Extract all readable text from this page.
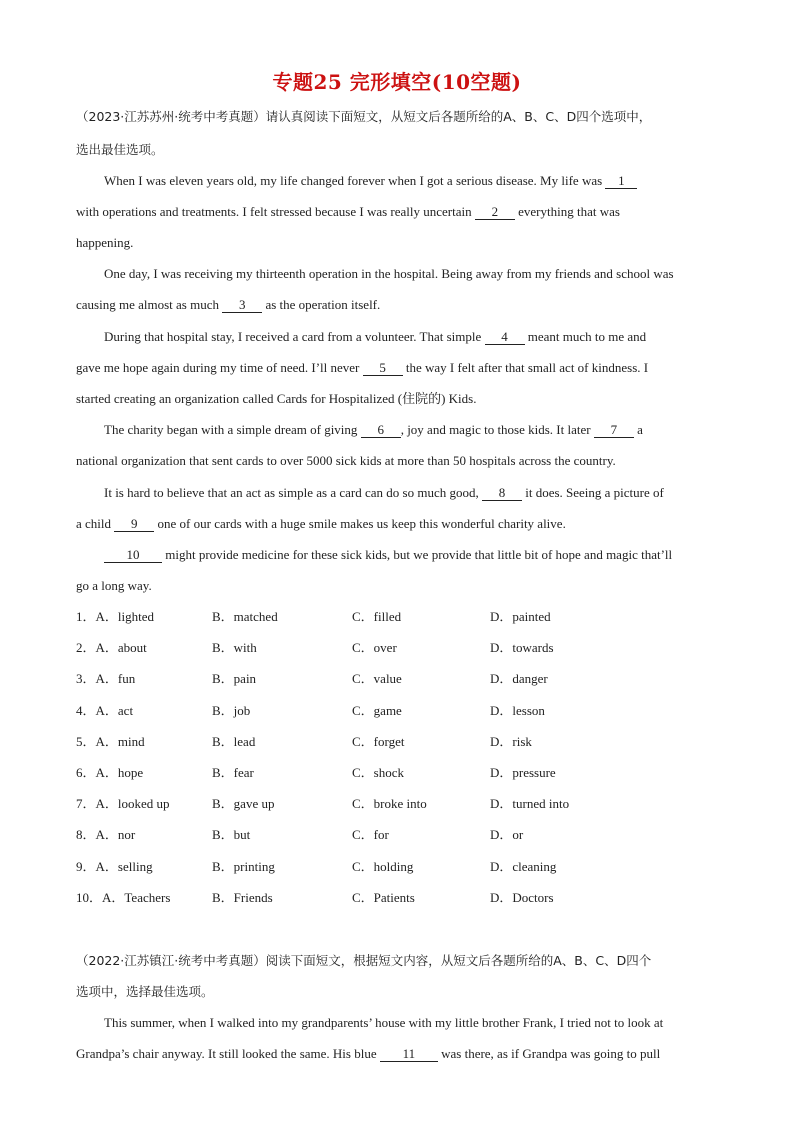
专题25 完形填空(10空题)
（2023·江苏苏州·统考中考真题）请认真阅读下面短文，从短文后各题所给的A、B、C、D四个选项中，
选出最佳选项。
When I was eleven years old, my life changed forever when I got a serious disease. My life was 1
with operations and treatments. I felt stressed because I was really uncertain 2 everything that was
happening.
One day, I was receiving my thirteenth operation in the hospital. Being away from my friends and school was
causing me almost as much 3 as the operation itself.
During that hospital stay, I received a card from a volunteer. That simple 4 meant much to me and
gave me hope again during my time of need. I’ll never 5 the way I felt after that small act of kindness. I
started creating an organization called Cards for Hospitalized (住院的) Kids.
The charity began with a simple dream of giving 6 , joy and magic to those kids. It later 7 a
national organization that sent cards to over 5000 sick kids at more than 50 hospitals across the country.
It is hard to believe that an act as simple as a card can do so much good, 8 it does. Seeing a picture of
a child 9 one of our cards with a huge smile makes us keep this wonderful charity alive.
10 might provide medicine for these sick kids, but we provide that little bit of hope and magic that’ll
go a long way.
1．A．lighted	B．matched	C．filled	D．painted
2．A．about	B．with	C．over	D．towards
3．A．fun	B．pain	C．value	D．danger
4．A．act	B．job	C．game	D．lesson
5．A．mind	B．lead	C．forget	D．risk
6．A．hope	B．fear	C．shock	D．pressure
7．A．looked up	B．gave up	C．broke into	D．turned into
8．A．nor	B．but	C．for	D．or
9．A．selling	B．printing	C．holding	D．cleaning
10．A．Teachers	B．Friends	C．Patients	D．Doctors
（2022·江苏镇江·统考中考真题）阅读下面短文，根据短文内容，从短文后各题所给的A、B、C、D四个
选项中，选择最佳选项。
This summer, when I walked into my grandparents’ house with my little brother Frank, I tried not to look at
Grandpa’s chair anyway. It still looked the same. His blue 11 was there, as if Grandpa was going to pull
